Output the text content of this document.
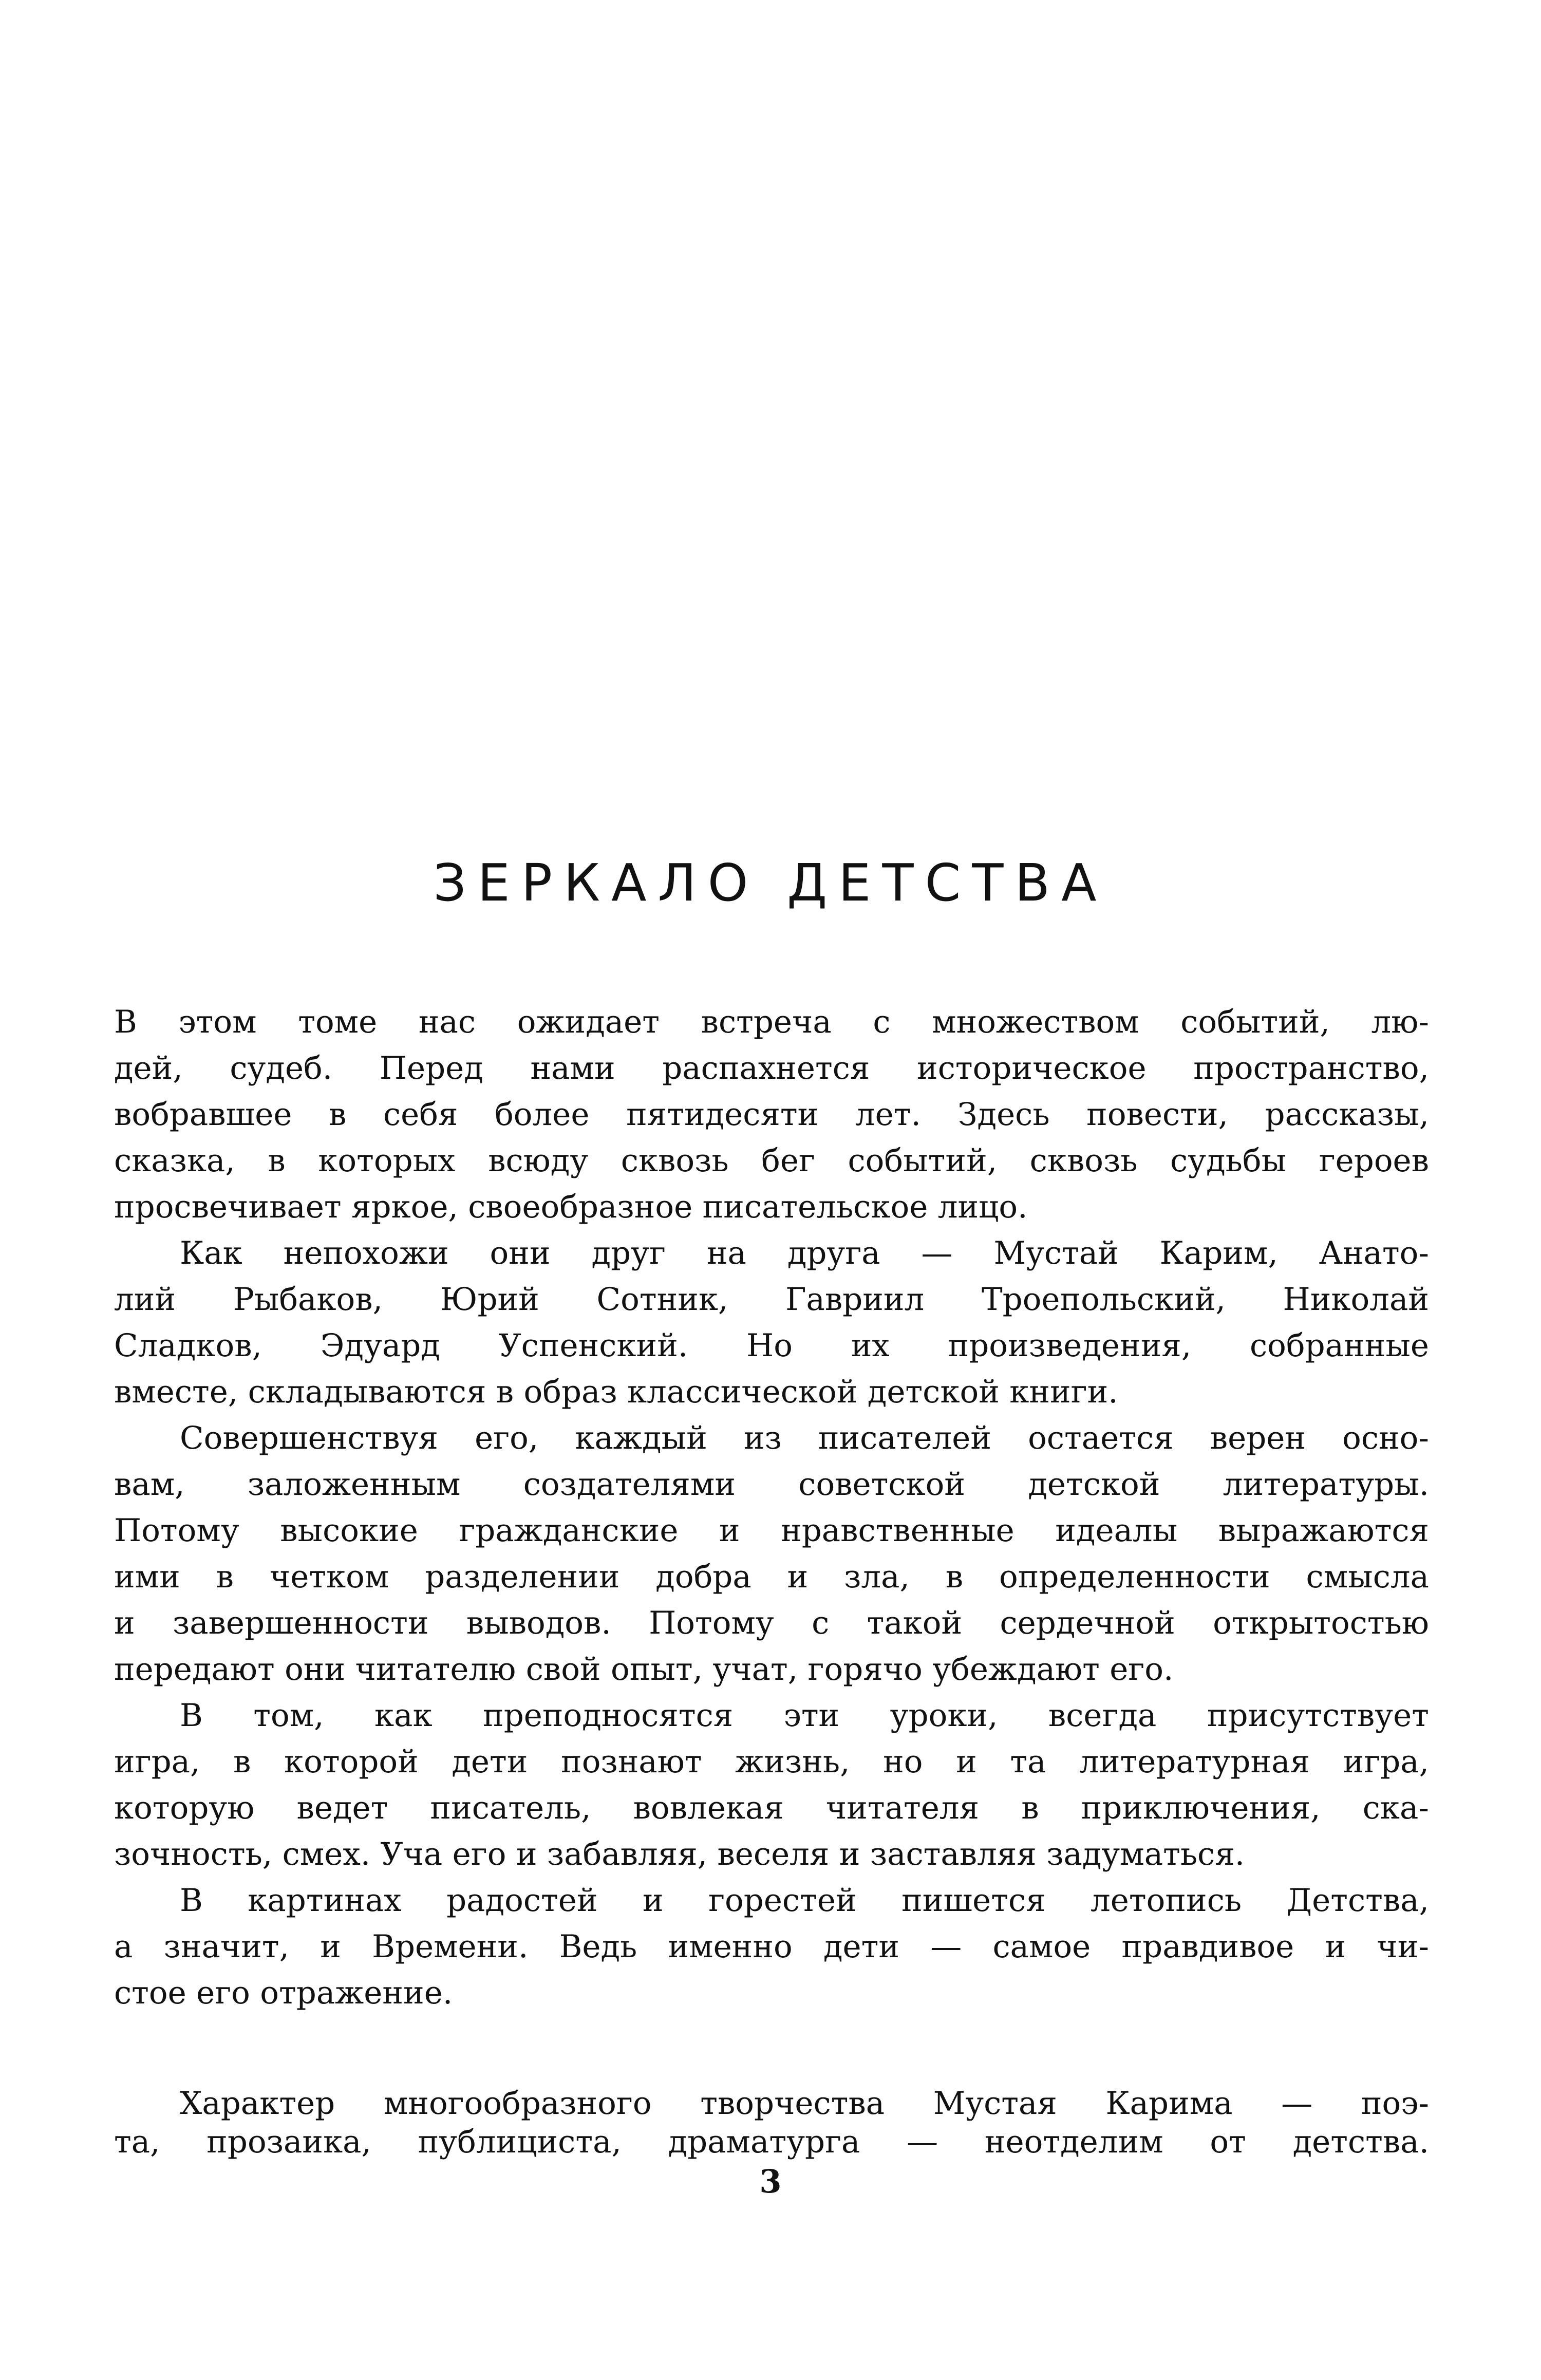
ЗЕРКАЛО ДЕТСТВА

В этом томе нас ожидает встреча с множеством событий, лю-

дей, судеб. Перед нами распахнется историческое пространство,

вобравшее в себя более пятидесяти лет. Здесь повести, рассказы,

сказка, в которых всюду сквозь бег событий, сквозь судьбы героев

просвечивает яркое, своеобразное писательское лицо.

Как непохожи они друг на друга — Мустай Карим, Анато-

лий Рыбаков, Юрий Сотник, Гавриил Троепольский, Николай

Сладков, Эдуард Успенский. Но их произведения, собранные

вместе, складываются в образ классической детской книги.

Совершенствуя его, каждый из писателей остается верен осно-

вам, заложенным создателями советской детской литературы.

Потому высокие гражданские и нравственные идеалы выражаются

ими в четком разделении добра и зла, в определенности смысла

и завершенности выводов. Потому с такой сердечной открытостью

передают они читателю свой опыт, учат, горячо убеждают его.

В том, как преподносятся эти уроки, всегда присутствует

игра, в которой дети познают жизнь, но и та литературная игра,

которую ведет писатель, вовлекая читателя в приключения, ска-

зочность, смех. Уча его и забавляя, веселя и заставляя задуматься.

В картинах радостей и горестей пишется летопись Детства,

а значит, и Времени. Ведь именно дети — самое правдивое и чи-

стое его отражение.

Характер многообразного творчества Мустая Карима — поэ-

та, прозаика, публициста, драматурга — неотделим от детства.

3
